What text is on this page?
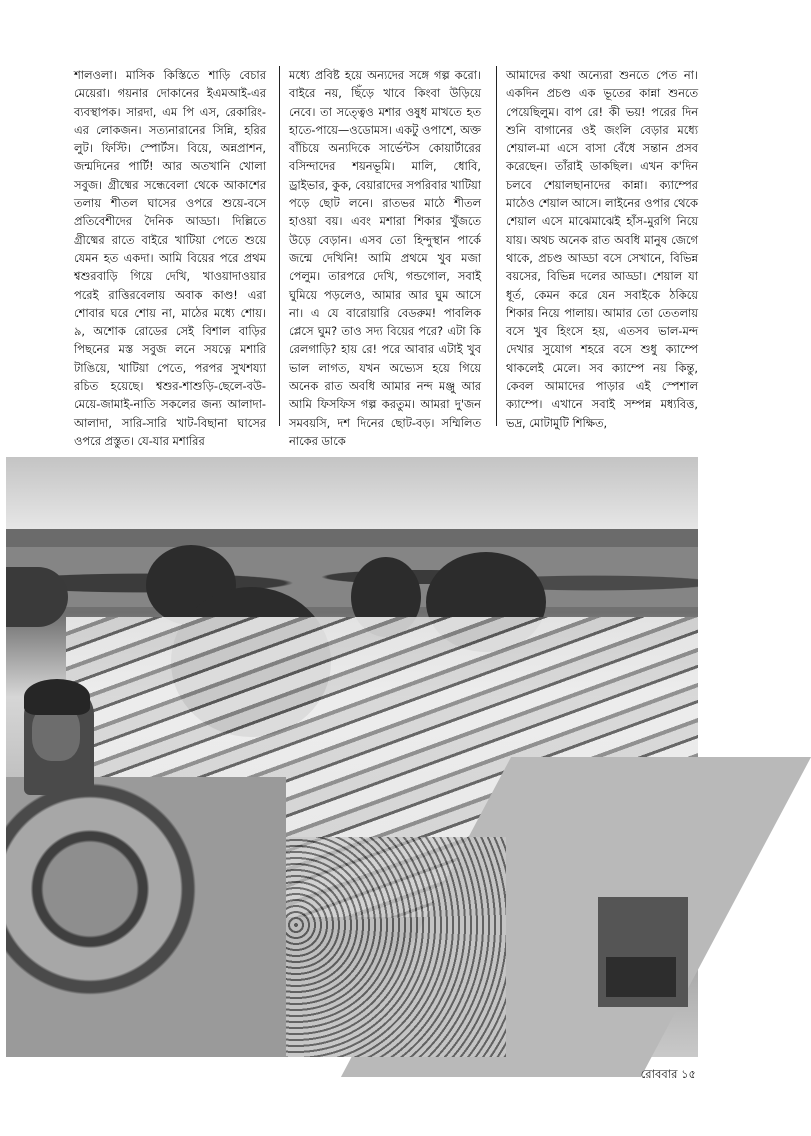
শালওলা। মাসিক কিস্তিতে শাড়ি বেচার মেয়েরা। গয়নার দোকানের ইএমআই-এর ব্যবস্থাপক। সারদা, এম পি এস, রেকারিং-এর লোকজন। সত্যনারানের সিন্নি, হরির লুট। ফিস্টি। স্পোর্টস। বিয়ে, অন্নপ্রাশন, জন্মদিনের পার্টি! আর অতখানি খোলা সবুজ। গ্রীষ্মের সন্ধেবেলা থেকে আকাশের তলায় শীতল ঘাসের ওপরে শুয়ে-বসে প্রতিবেশীদের দৈনিক আড্ডা। দিল্লিতে গ্রীষ্মের রাতে বাইরে খাটিয়া পেতে শুয়ে যেমন হত একদা। আমি বিয়ের পরে প্রথম শ্বশুরবাড়ি গিয়ে দেখি, খাওয়াদাওয়ার পরেই রাত্তিরবেলায় অবাক কাণ্ড! এরা শোবার ঘরে শোয় না, মাঠের মধ্যে শোয়। ৯, অশোক রোডের সেই বিশাল বাড়ির পিছনের মস্ত সবুজ লনে সযত্নে মশারি টাঙিয়ে, খাটিয়া পেতে, পরপর সুখশয্যা রচিত হয়েছে। শ্বশুর-শাশুড়ি-ছেলে-বউ-মেয়ে-জামাই-নাতি সকলের জন্য আলাদা-আলাদা, সারি-সারি খাট-বিছানা ঘাসের ওপরে প্রস্তুত। যে-যার মশারির

মধ্যে প্রবিষ্ট হয়ে অন্যদের সঙ্গে গল্প করো। বাইরে নয়, ছিঁড়ে খাবে কিংবা উড়িয়ে নেবে। তা সত্ত্বেও মশার ওষুধ মাখতে হত হাতে-পায়ে—ওডোমস। একটু ওপাশে, অক্ত বাঁচিয়ে অন্যদিকে সার্ভেন্টস কোয়ার্টারের বসিন্দাদের শয়নভূমি। মালি, ধোবি, ড্রাইভার, কুক, বেয়ারাদের সপরিবার খাটিয়া পড়ে ছোট লনে। রাতভর মাঠে শীতল হাওয়া বয়। এবং মশারা শিকার খুঁজতে উড়ে বেড়ান। এসব তো হিন্দুস্থান পার্কে জন্মে দেখিনি! আমি প্রথমে খুব মজা পেলুম। তারপরে দেখি, গন্ডগোল, সবাই ঘুমিয়ে পড়লেও, আমার আর ঘুম আসে না। এ যে বারোয়ারি বেডরুম! পাবলিক প্লেসে ঘুম? তাও সদ্য বিয়ের পরে? এটা কি রেলগাড়ি? হায় রে! পরে আবার এটাই খুব ভাল লাগত, যখন অভ্যেস হয়ে গিয়ে অনেক রাত অবধি আমার নন্দ মঞ্জু আর আমি ফিসফিস গল্প করতুম। আমরা দু'জন সমবয়সি, দশ দিনের ছোট-বড়। সম্মিলিত নাকের ডাকে

আমাদের কথা অন্যেরা শুনতে পেত না। একদিন প্রচণ্ড এক ভূতের কান্না শুনতে পেয়েছিলুম। বাপ রে! কী ভয়! পরের দিন শুনি বাগানের ওই জংলি বেড়ার মধ্যে শেয়াল-মা এসে বাসা বেঁধে সন্তান প্রসব করেছেন। তাঁরাই ডাকছিল। এখন ক'দিন চলবে শেয়ালছানাদের কান্না। ক্যাম্পের মাঠেও শেয়াল আসে। লাইনের ওপার থেকে শেয়াল এসে মাঝেমাঝেই হাঁস-মুরগি নিয়ে যায়। অথচ অনেক রাত অবধি মানুষ জেগে থাকে, প্রচণ্ড আড্ডা বসে সেখানে, বিভিন্ন বয়সের, বিভিন্ন দলের আড্ডা। শেয়াল যা ধূর্ত, কেমন করে যেন সবাইকে ঠকিয়ে শিকার নিয়ে পালায়। আমার তো তেতলায় বসে খুব হিংসে হয়, এতসব ভাল-মন্দ দেখার সুযোগ শহরে বসে শুধু ক্যাম্পে থাকলেই মেলে। সব ক্যাম্পে নয় কিন্তু, কেবল আমাদের পাড়ার এই স্পেশাল ক্যাম্পে। এখানে সবাই সম্পন্ন মধ্যবিত্ত, ভদ্র, মোটামুটি শিক্ষিত,

রোববার ১৫
